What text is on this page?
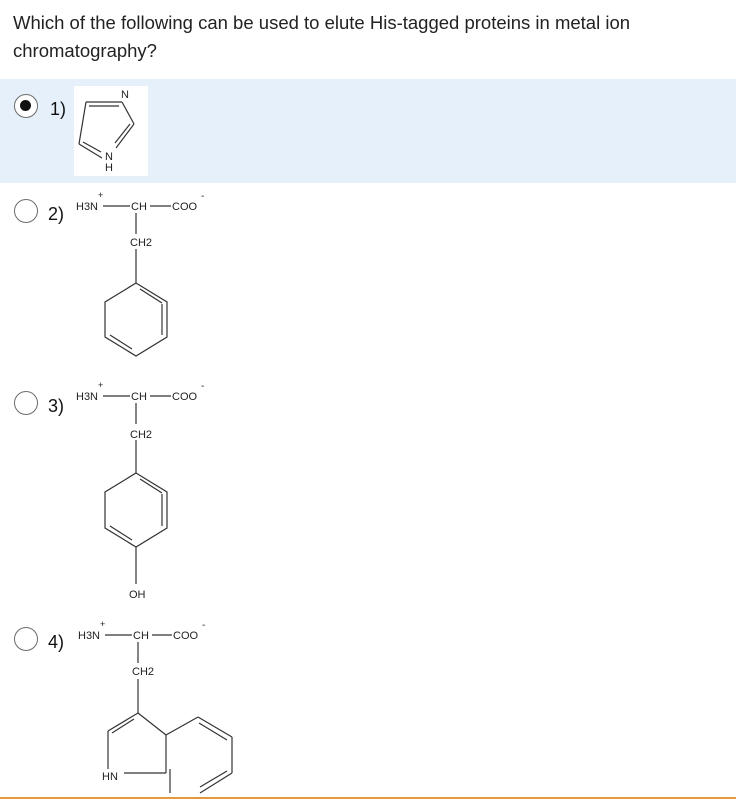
Which of the following can be used to elute His-tagged proteins in metal ion chromatography?
1)
N
N
H
2) H3N
+
CH COO
-
CH2
3) H3N
+
CH COO
-
CH2
OH
4) H3N
+
CH COO
-
CH2
HN
